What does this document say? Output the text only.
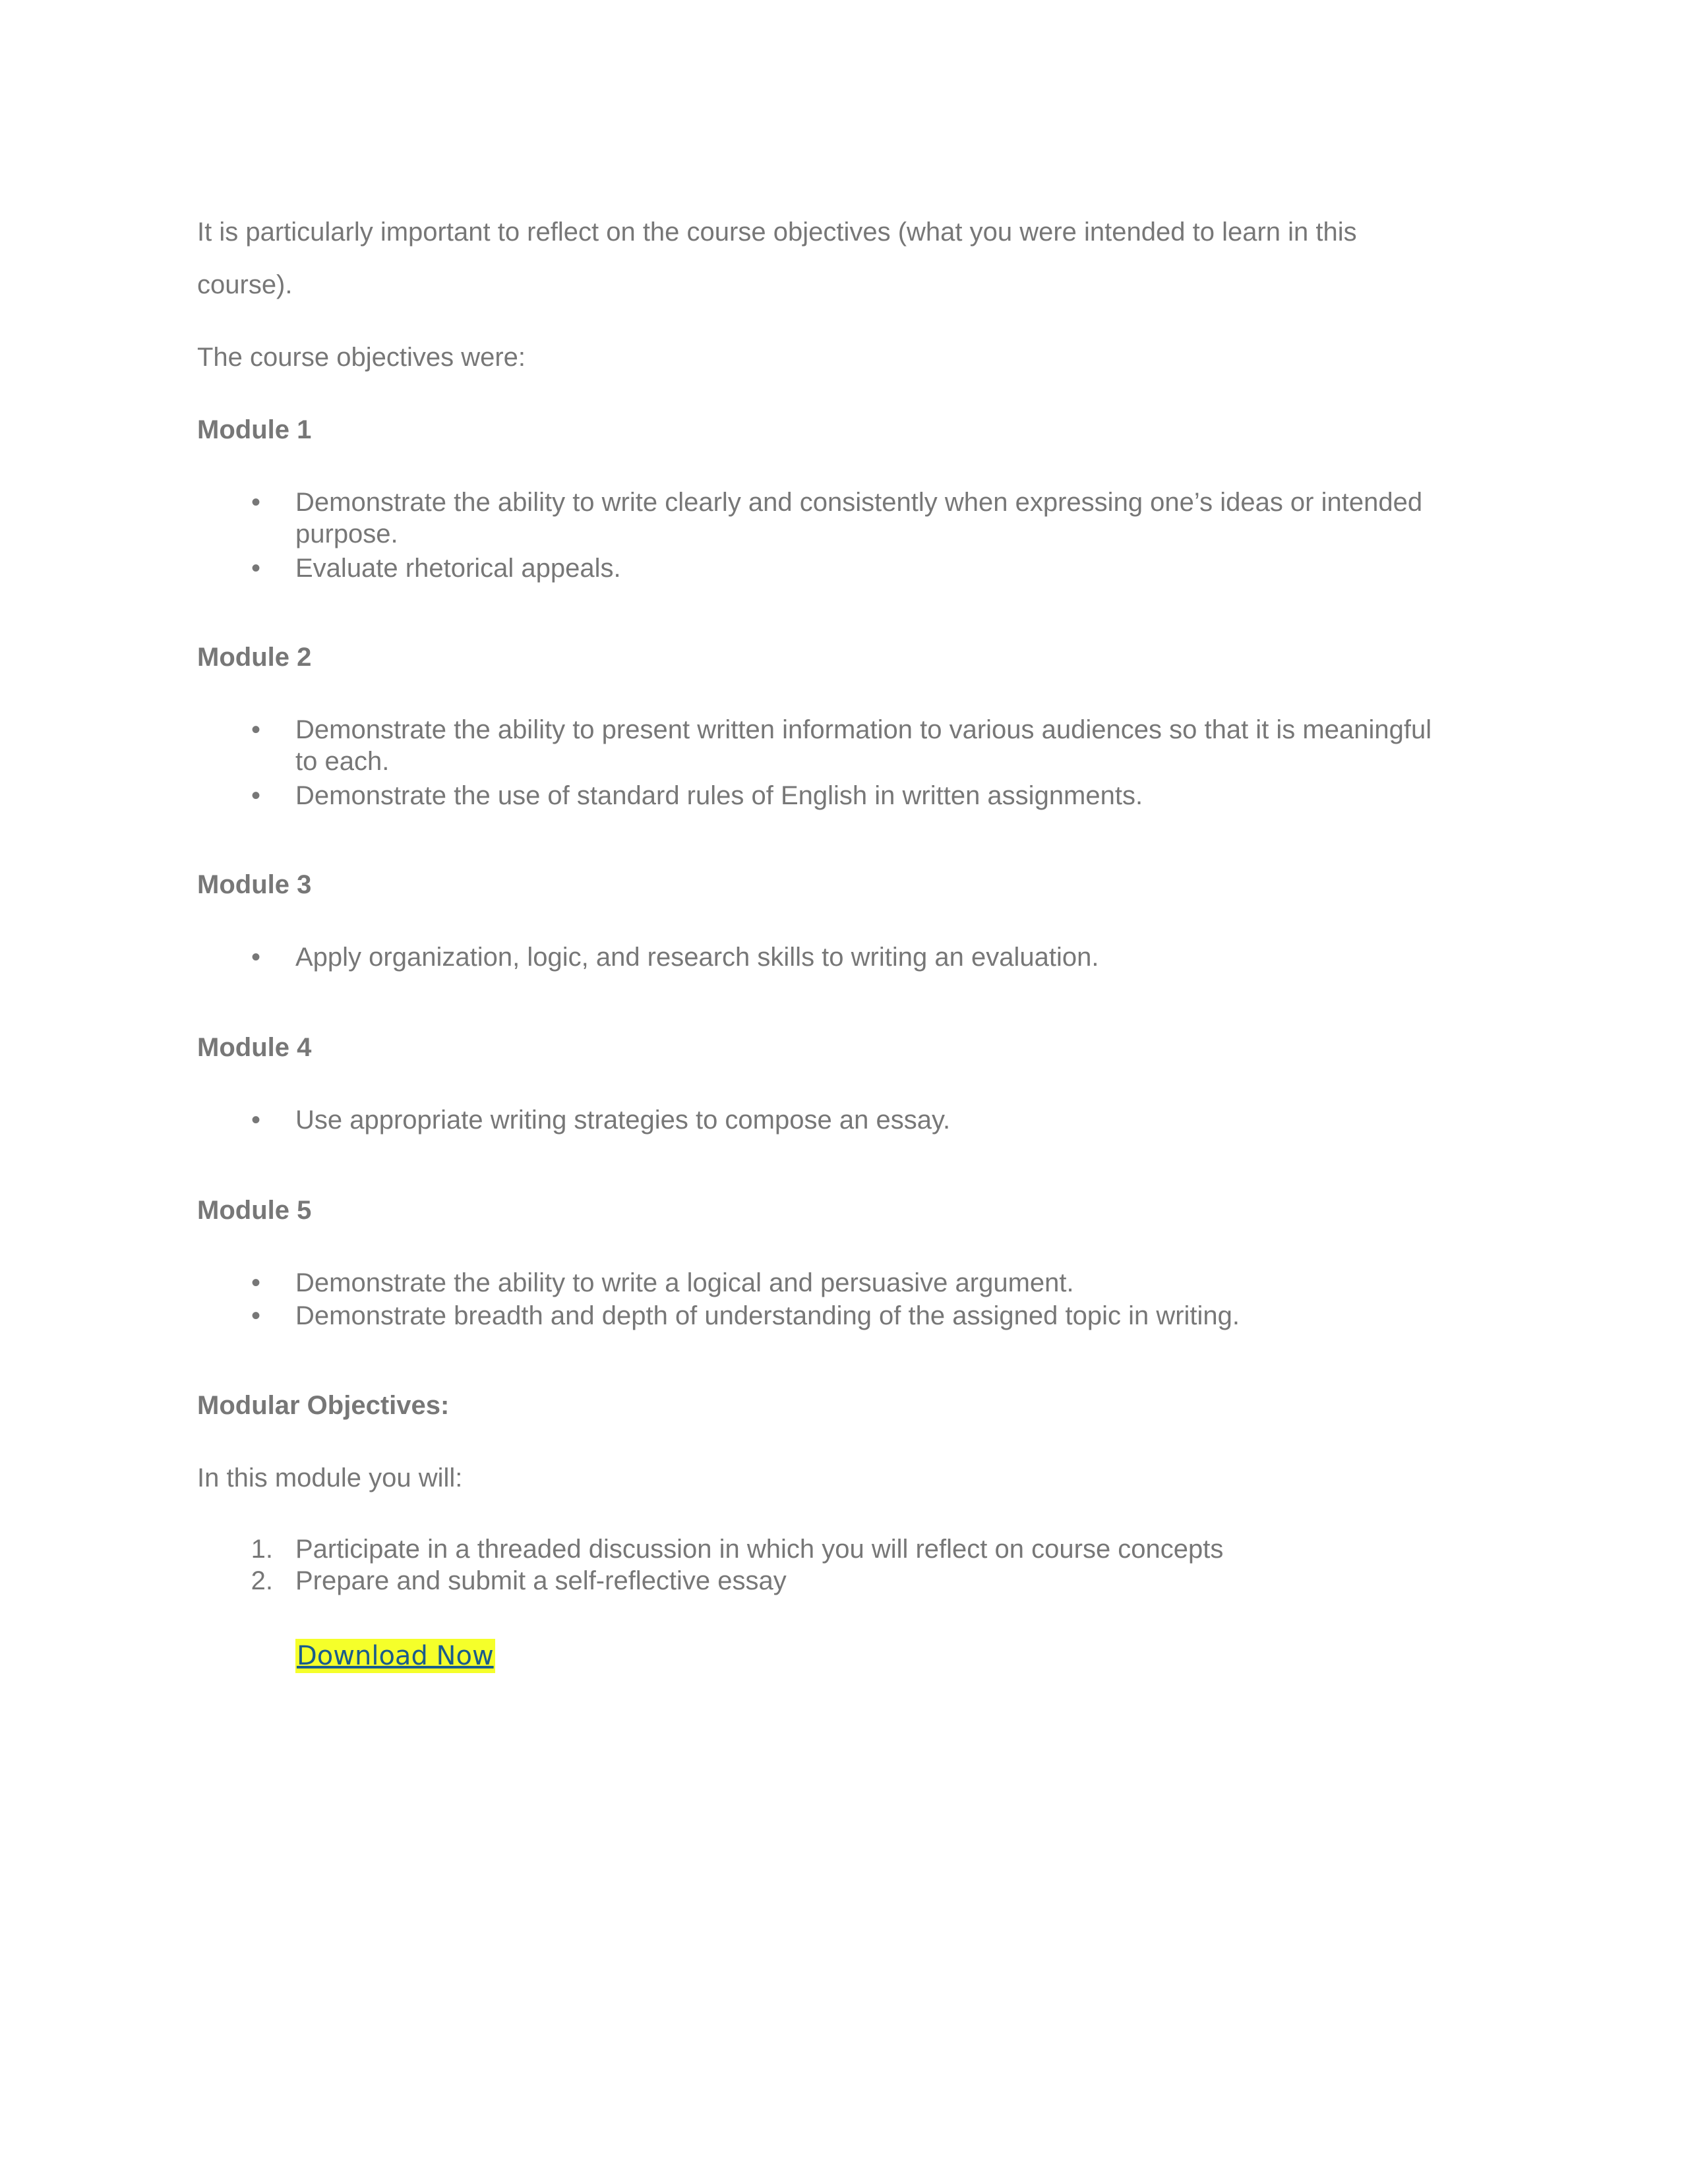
It is particularly important to reflect on the course objectives (what you were intended to learn in this
course).
The course objectives were:
Module 1
• Demonstrate the ability to write clearly and consistently when expressing one’s ideas or intended
purpose.
• Evaluate rhetorical appeals.
Module 2
• Demonstrate the ability to present written information to various audiences so that it is meaningful
to each.
• Demonstrate the use of standard rules of English in written assignments.
Module 3
• Apply organization, logic, and research skills to writing an evaluation.
Module 4
• Use appropriate writing strategies to compose an essay.
Module 5
• Demonstrate the ability to write a logical and persuasive argument.
• Demonstrate breadth and depth of understanding of the assigned topic in writing.
Modular Objectives:
In this module you will:
1. Participate in a threaded discussion in which you will reflect on course concepts
2. Prepare and submit a self-reflective essay
Download Now
